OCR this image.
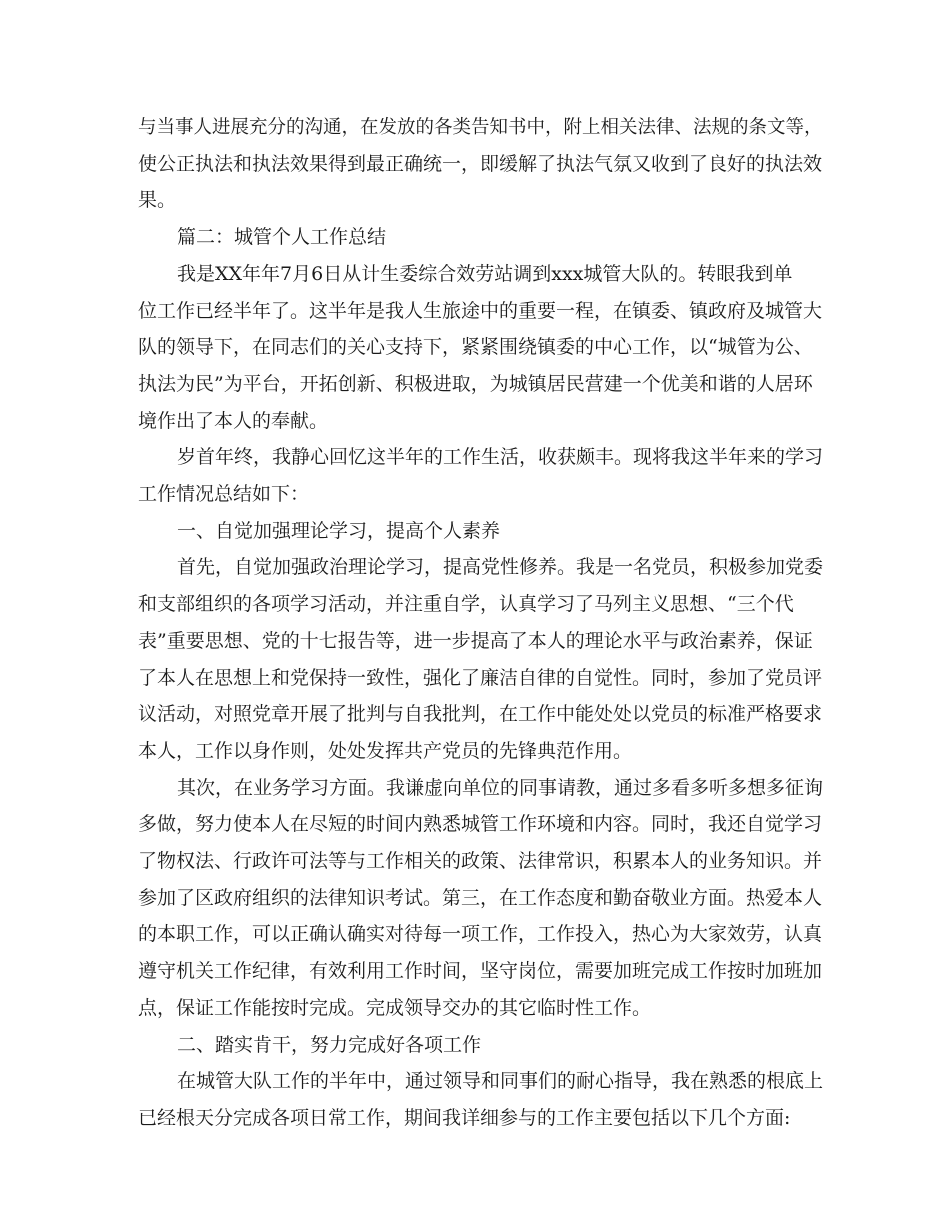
与当事人进展充分的沟通，在发放的各类告知书中，附上相关法律、法规的条文等，
使公正执法和执法效果得到最正确统一，即缓解了执法气氛又收到了良好的执法效
果。
篇二：城管个人工作总结
我是XX年年7月6日从计生委综合效劳站调到xxx城管大队的。转眼我到单
位工作已经半年了。这半年是我人生旅途中的重要一程，在镇委、镇政府及城管大
队的领导下，在同志们的关心支持下，紧紧围绕镇委的中心工作，以“城管为公、
执法为民”为平台，开拓创新、积极进取，为城镇居民营建一个优美和谐的人居环
境作出了本人的奉献。
岁首年终，我静心回忆这半年的工作生活，收获颇丰。现将我这半年来的学习
工作情况总结如下：
一、自觉加强理论学习，提高个人素养
首先，自觉加强政治理论学习，提高党性修养。我是一名党员，积极参加党委
和支部组织的各项学习活动，并注重自学，认真学习了马列主义思想、“三个代
表”重要思想、党的十七报告等，进一步提高了本人的理论水平与政治素养，保证
了本人在思想上和党保持一致性，强化了廉洁自律的自觉性。同时，参加了党员评
议活动，对照党章开展了批判与自我批判，在工作中能处处以党员的标准严格要求
本人，工作以身作则，处处发挥共产党员的先锋典范作用。
其次，在业务学习方面。我谦虚向单位的同事请教，通过多看多听多想多征询
多做，努力使本人在尽短的时间内熟悉城管工作环境和内容。同时，我还自觉学习
了物权法、行政许可法等与工作相关的政策、法律常识，积累本人的业务知识。并
参加了区政府组织的法律知识考试。第三，在工作态度和勤奋敬业方面。热爱本人
的本职工作，可以正确认确实对待每一项工作，工作投入，热心为大家效劳，认真
遵守机关工作纪律，有效利用工作时间，坚守岗位，需要加班完成工作按时加班加
点，保证工作能按时完成。完成领导交办的其它临时性工作。
二、踏实肯干，努力完成好各项工作
在城管大队工作的半年中，通过领导和同事们的耐心指导，我在熟悉的根底上
已经根天分完成各项日常工作，期间我详细参与的工作主要包括以下几个方面:
